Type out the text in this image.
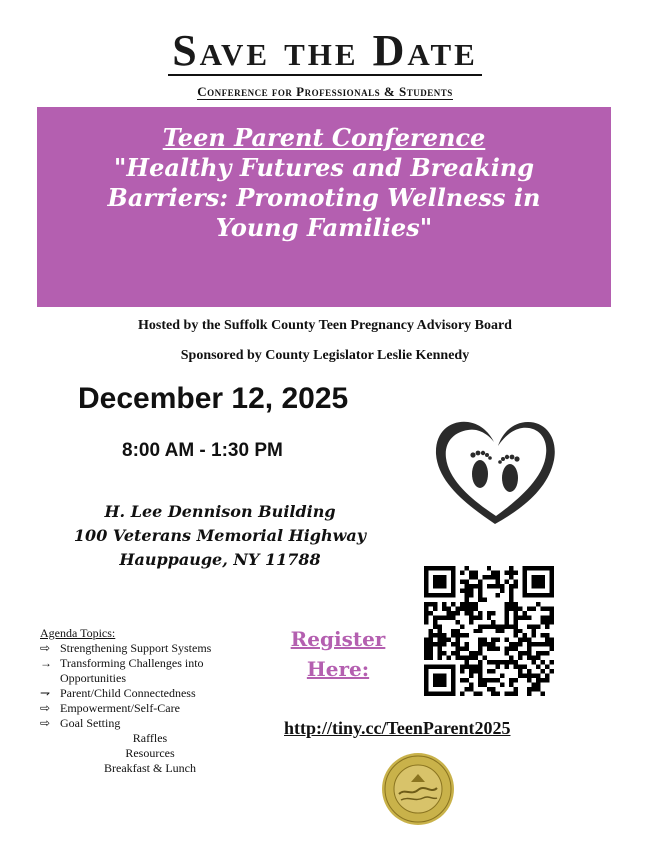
Save the Date
Conference for Professionals & Students
Teen Parent Conference
"Healthy Futures and Breaking Barriers: Promoting Wellness in Young Families"
Hosted by the Suffolk County Teen Pregnancy Advisory Board
Sponsored by County Legislator Leslie Kennedy
December 12, 2025
8:00 AM - 1:30 PM
H. Lee Dennison Building
100 Veterans Memorial Highway
Hauppauge, NY 11788
Agenda Topics:
⇨ Strengthening Support Systems
→ Transforming Challenges into Opportunities
⇁ Parent/Child Connectedness
⇨ Empowerment/Self-Care
⇨ Goal Setting
Raffles
Resources
Breakfast & Lunch
Register
Here:
http://tiny.cc/TeenParent2025
